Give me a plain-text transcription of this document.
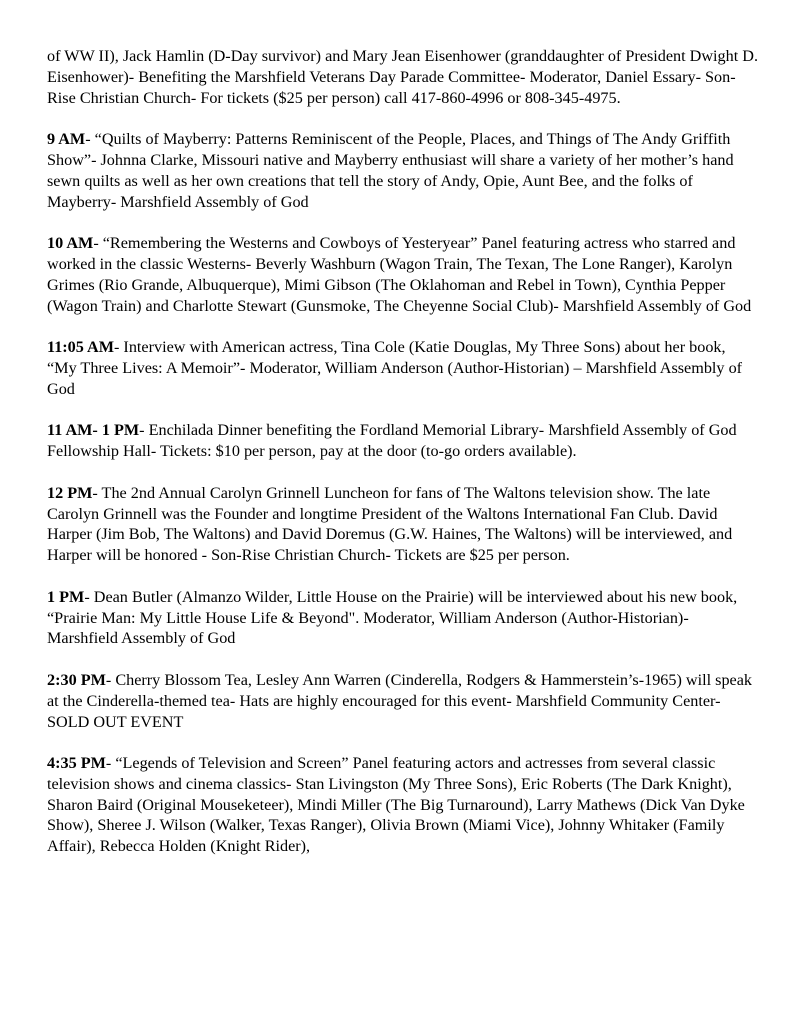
of WW II), Jack Hamlin (D-Day survivor) and Mary Jean Eisenhower (granddaughter of President Dwight D. Eisenhower)- Benefiting the Marshfield Veterans Day Parade Committee- Moderator, Daniel Essary- Son-Rise Christian Church- For tickets ($25 per person) call 417-860-4996 or 808-345-4975.

9 AM- “Quilts of Mayberry: Patterns Reminiscent of the People, Places, and Things of The Andy Griffith Show”- Johnna Clarke, Missouri native and Mayberry enthusiast will share a variety of her mother’s hand sewn quilts as well as her own creations that tell the story of Andy, Opie, Aunt Bee, and the folks of Mayberry- Marshfield Assembly of God

10 AM- “Remembering the Westerns and Cowboys of Yesteryear” Panel featuring actress who starred and worked in the classic Westerns- Beverly Washburn (Wagon Train, The Texan, The Lone Ranger), Karolyn Grimes (Rio Grande, Albuquerque), Mimi Gibson (The Oklahoman and Rebel in Town), Cynthia Pepper (Wagon Train) and Charlotte Stewart (Gunsmoke, The Cheyenne Social Club)- Marshfield Assembly of God

11:05 AM- Interview with American actress, Tina Cole (Katie Douglas, My Three Sons) about her book, “My Three Lives: A Memoir”- Moderator, William Anderson (Author-Historian) – Marshfield Assembly of God

11 AM- 1 PM- Enchilada Dinner benefiting the Fordland Memorial Library- Marshfield Assembly of God Fellowship Hall- Tickets: $10 per person, pay at the door (to-go orders available).

12 PM- The 2nd Annual Carolyn Grinnell Luncheon for fans of The Waltons television show. The late Carolyn Grinnell was the Founder and longtime President of the Waltons International Fan Club. David Harper (Jim Bob, The Waltons) and David Doremus (G.W. Haines, The Waltons) will be interviewed, and Harper will be honored - Son-Rise Christian Church- Tickets are $25 per person.

1 PM- Dean Butler (Almanzo Wilder, Little House on the Prairie) will be interviewed about his new book, “Prairie Man: My Little House Life & Beyond". Moderator, William Anderson (Author-Historian)- Marshfield Assembly of God

2:30 PM- Cherry Blossom Tea, Lesley Ann Warren (Cinderella, Rodgers & Hammerstein’s-1965) will speak at the Cinderella-themed tea- Hats are highly encouraged for this event- Marshfield Community Center- SOLD OUT EVENT

4:35 PM- “Legends of Television and Screen” Panel featuring actors and actresses from several classic television shows and cinema classics- Stan Livingston (My Three Sons), Eric Roberts (The Dark Knight), Sharon Baird (Original Mouseketeer), Mindi Miller (The Big Turnaround), Larry Mathews (Dick Van Dyke Show), Sheree J. Wilson (Walker, Texas Ranger), Olivia Brown (Miami Vice), Johnny Whitaker (Family Affair), Rebecca Holden (Knight Rider),
